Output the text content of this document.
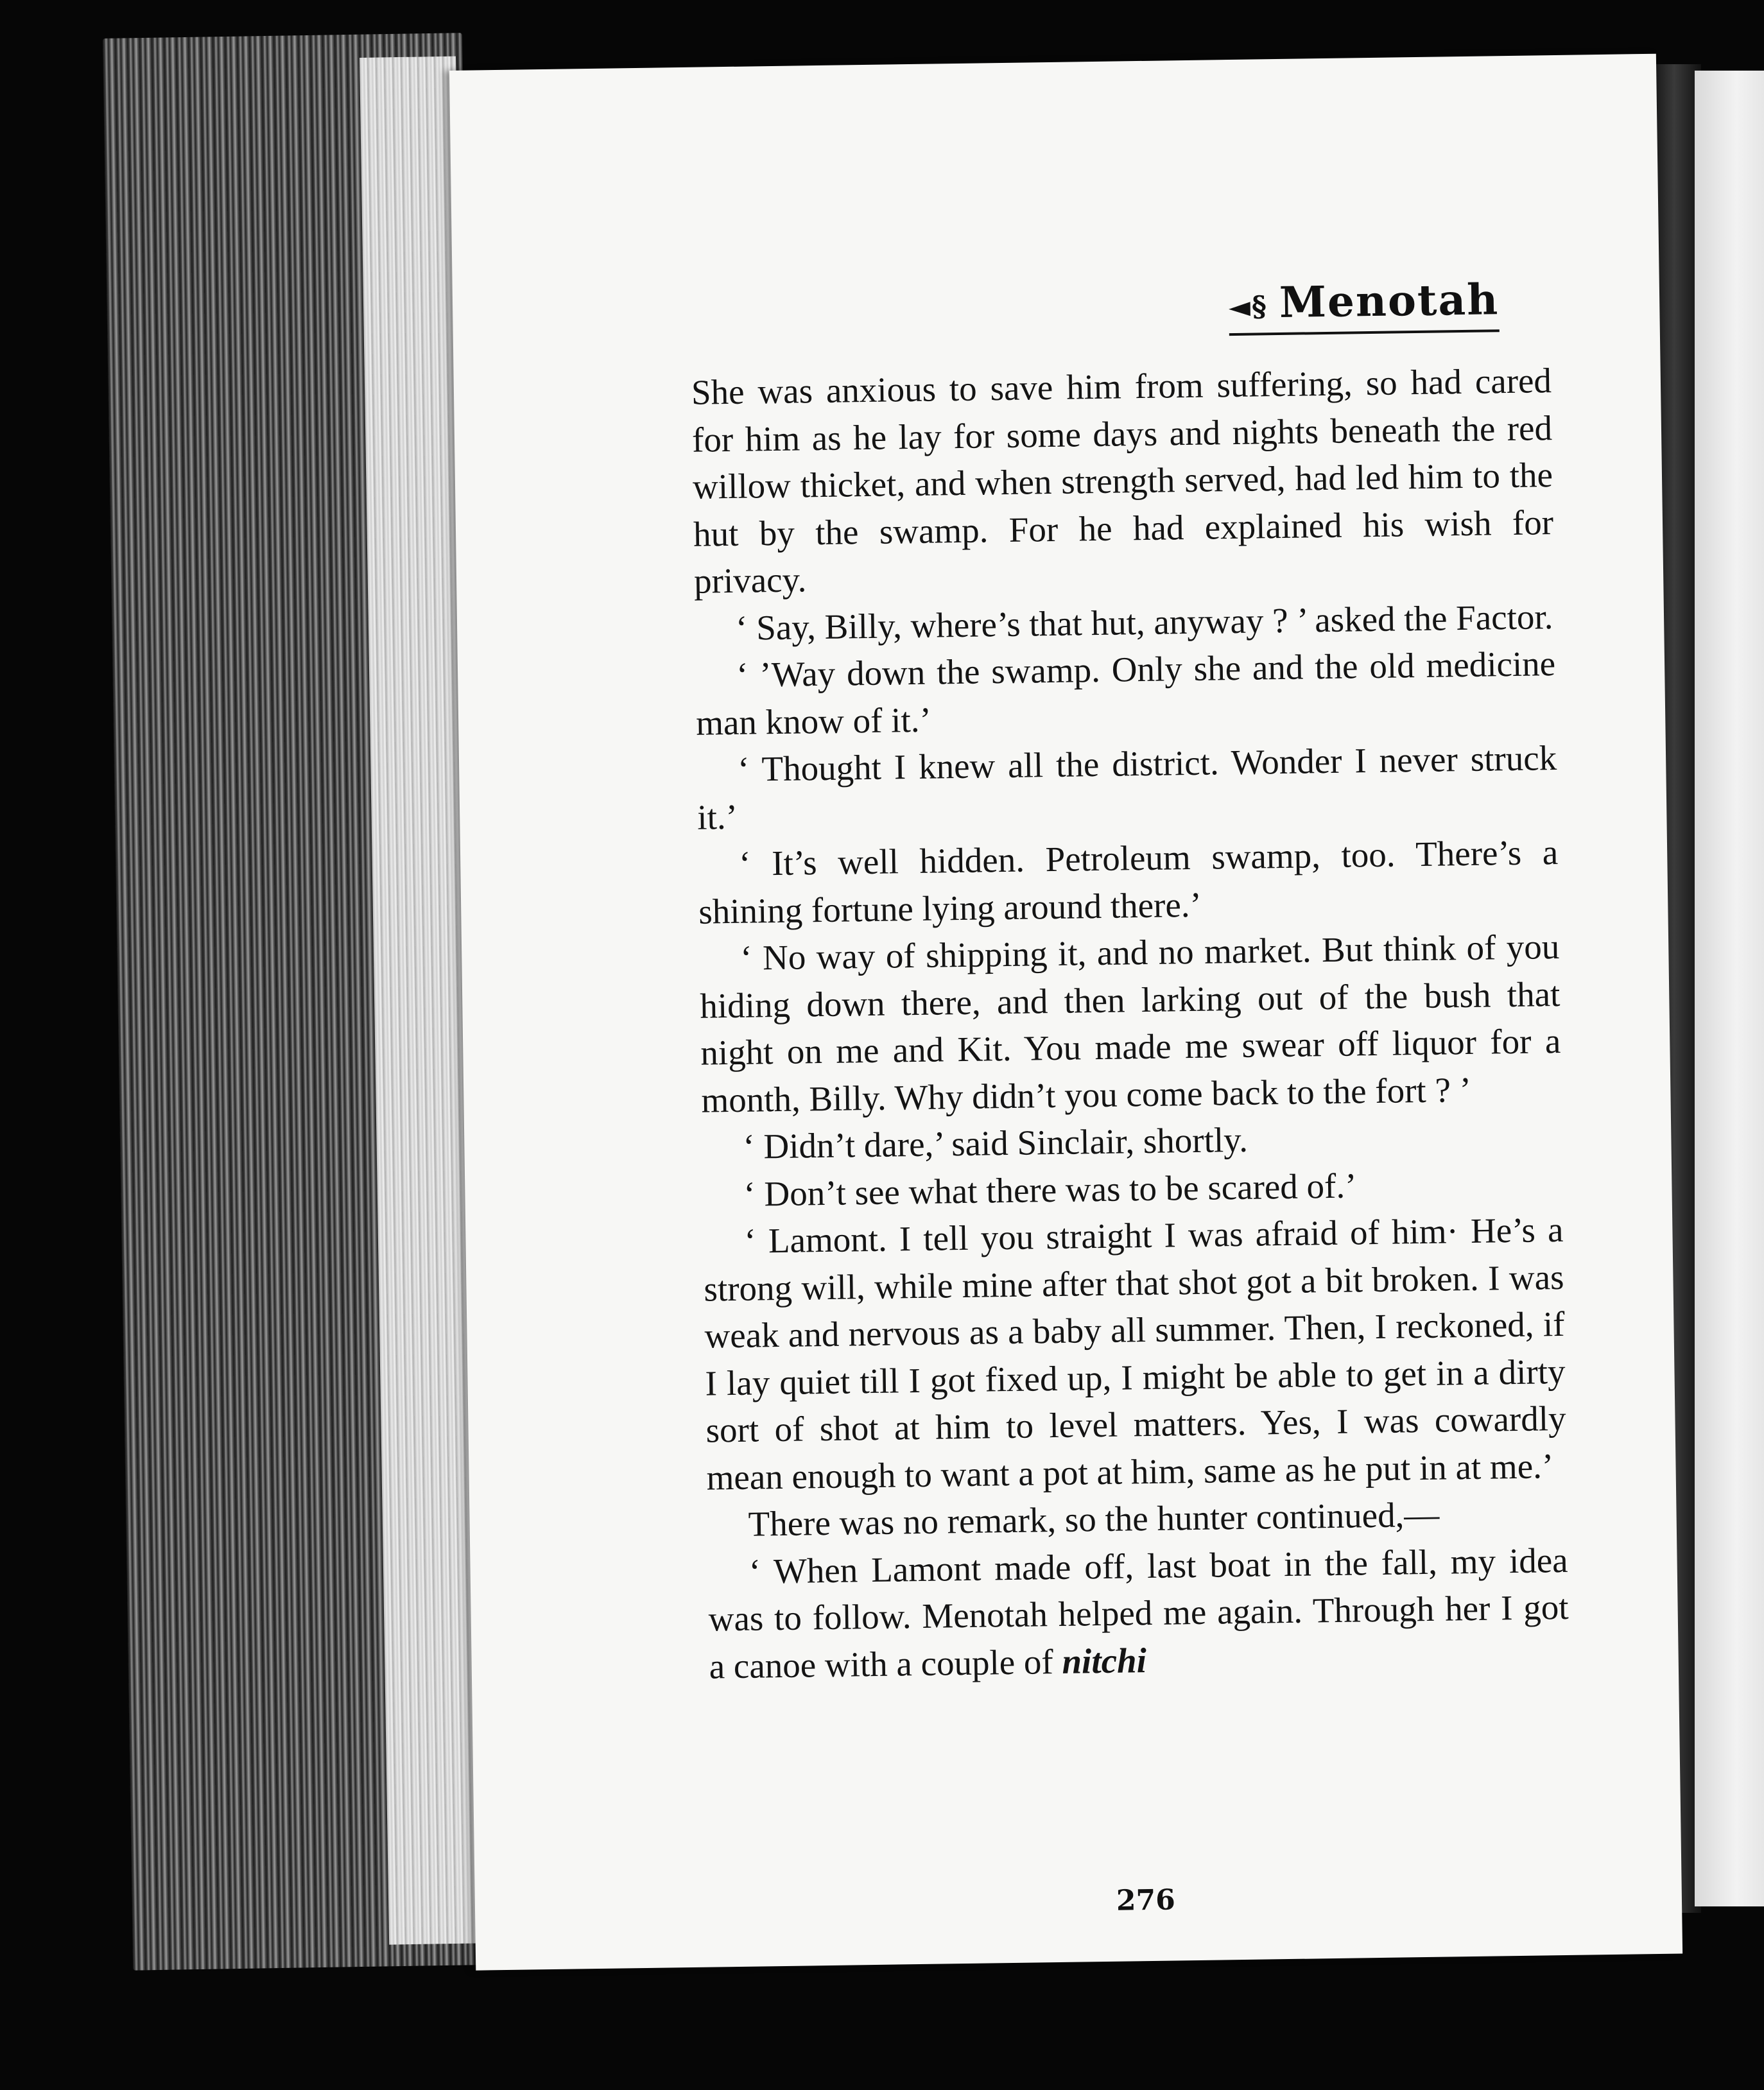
◄§ Menotah

She was anxious to save him from suffering, so had cared for him as he lay for some days and nights beneath the red willow thicket, and when strength served, had led him to the hut by the swamp. For he had explained his wish for privacy.

‘ Say, Billy, where’s that hut, anyway ? ’ asked the Factor.

‘ ’Way down the swamp. Only she and the old medicine man know of it.’

‘ Thought I knew all the district. Wonder I never struck it.’

‘ It’s well hidden. Petroleum swamp, too. There’s a shining fortune lying around there.’

‘ No way of shipping it, and no market. But think of you hiding down there, and then larking out of the bush that night on me and Kit. You made me swear off liquor for a month, Billy. Why didn’t you come back to the fort ? ’

‘ Didn’t dare,’ said Sinclair, shortly.

‘ Don’t see what there was to be scared of.’

‘ Lamont. I tell you straight I was afraid of him· He’s a strong will, while mine after that shot got a bit broken. I was weak and nervous as a baby all summer. Then, I reckoned, if I lay quiet till I got fixed up, I might be able to get in a dirty sort of shot at him to level matters. Yes, I was cowardly mean enough to want a pot at him, same as he put in at me.’

There was no remark, so the hunter continued,—

‘ When Lamont made off, last boat in the fall, my idea was to follow. Menotah helped me again. Through her I got a canoe with a couple of nitchi

276
